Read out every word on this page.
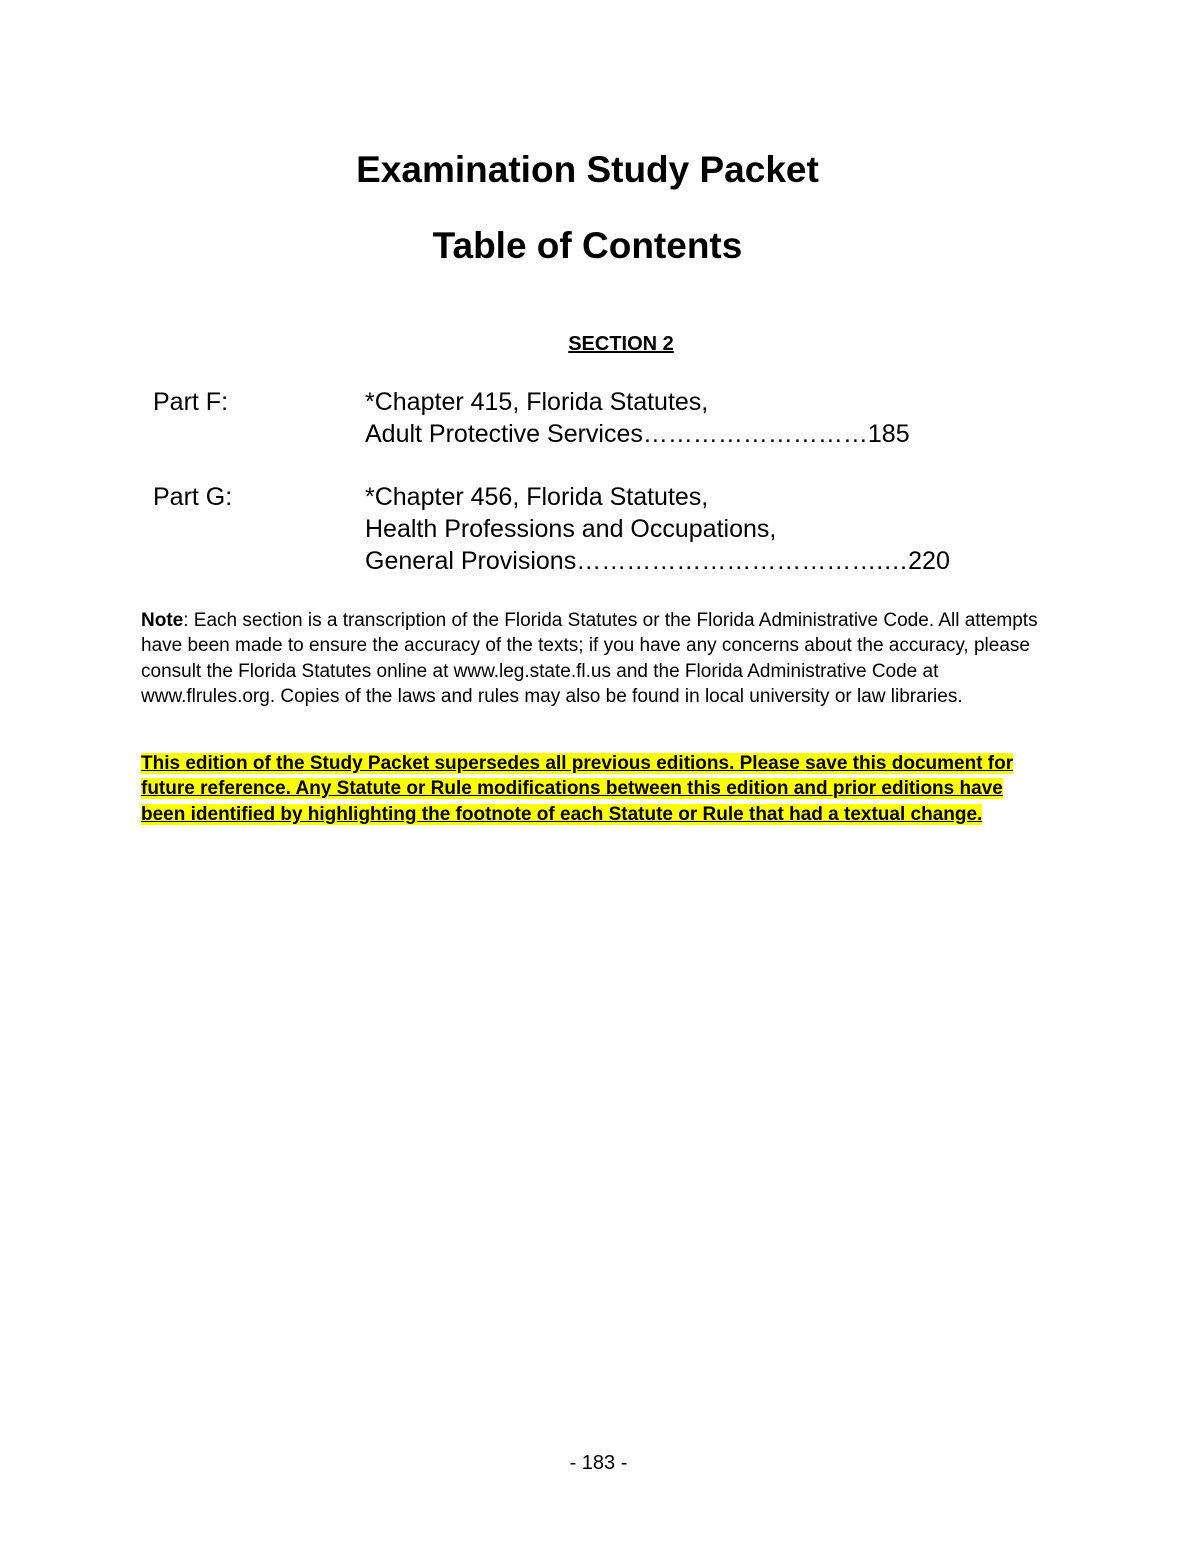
Examination Study Packet
Table of Contents
SECTION 2
Part F:	*Chapter 415, Florida Statutes,
Adult Protective Services………………………185
Part G:	*Chapter 456, Florida Statutes,
Health Professions and Occupations,
General Provisions……………………………….…220

Note: Each section is a transcription of the Florida Statutes or the Florida Administrative Code. All attempts have been made to ensure the accuracy of the texts; if you have any concerns about the accuracy, please consult the Florida Statutes online at www.leg.state.fl.us and the Florida Administrative Code at www.flrules.org. Copies of the laws and rules may also be found in local university or law libraries.

This edition of the Study Packet supersedes all previous editions. Please save this document for future reference. Any Statute or Rule modifications between this edition and prior editions have been identified by highlighting the footnote of each Statute or Rule that had a textual change.

- 183 -
